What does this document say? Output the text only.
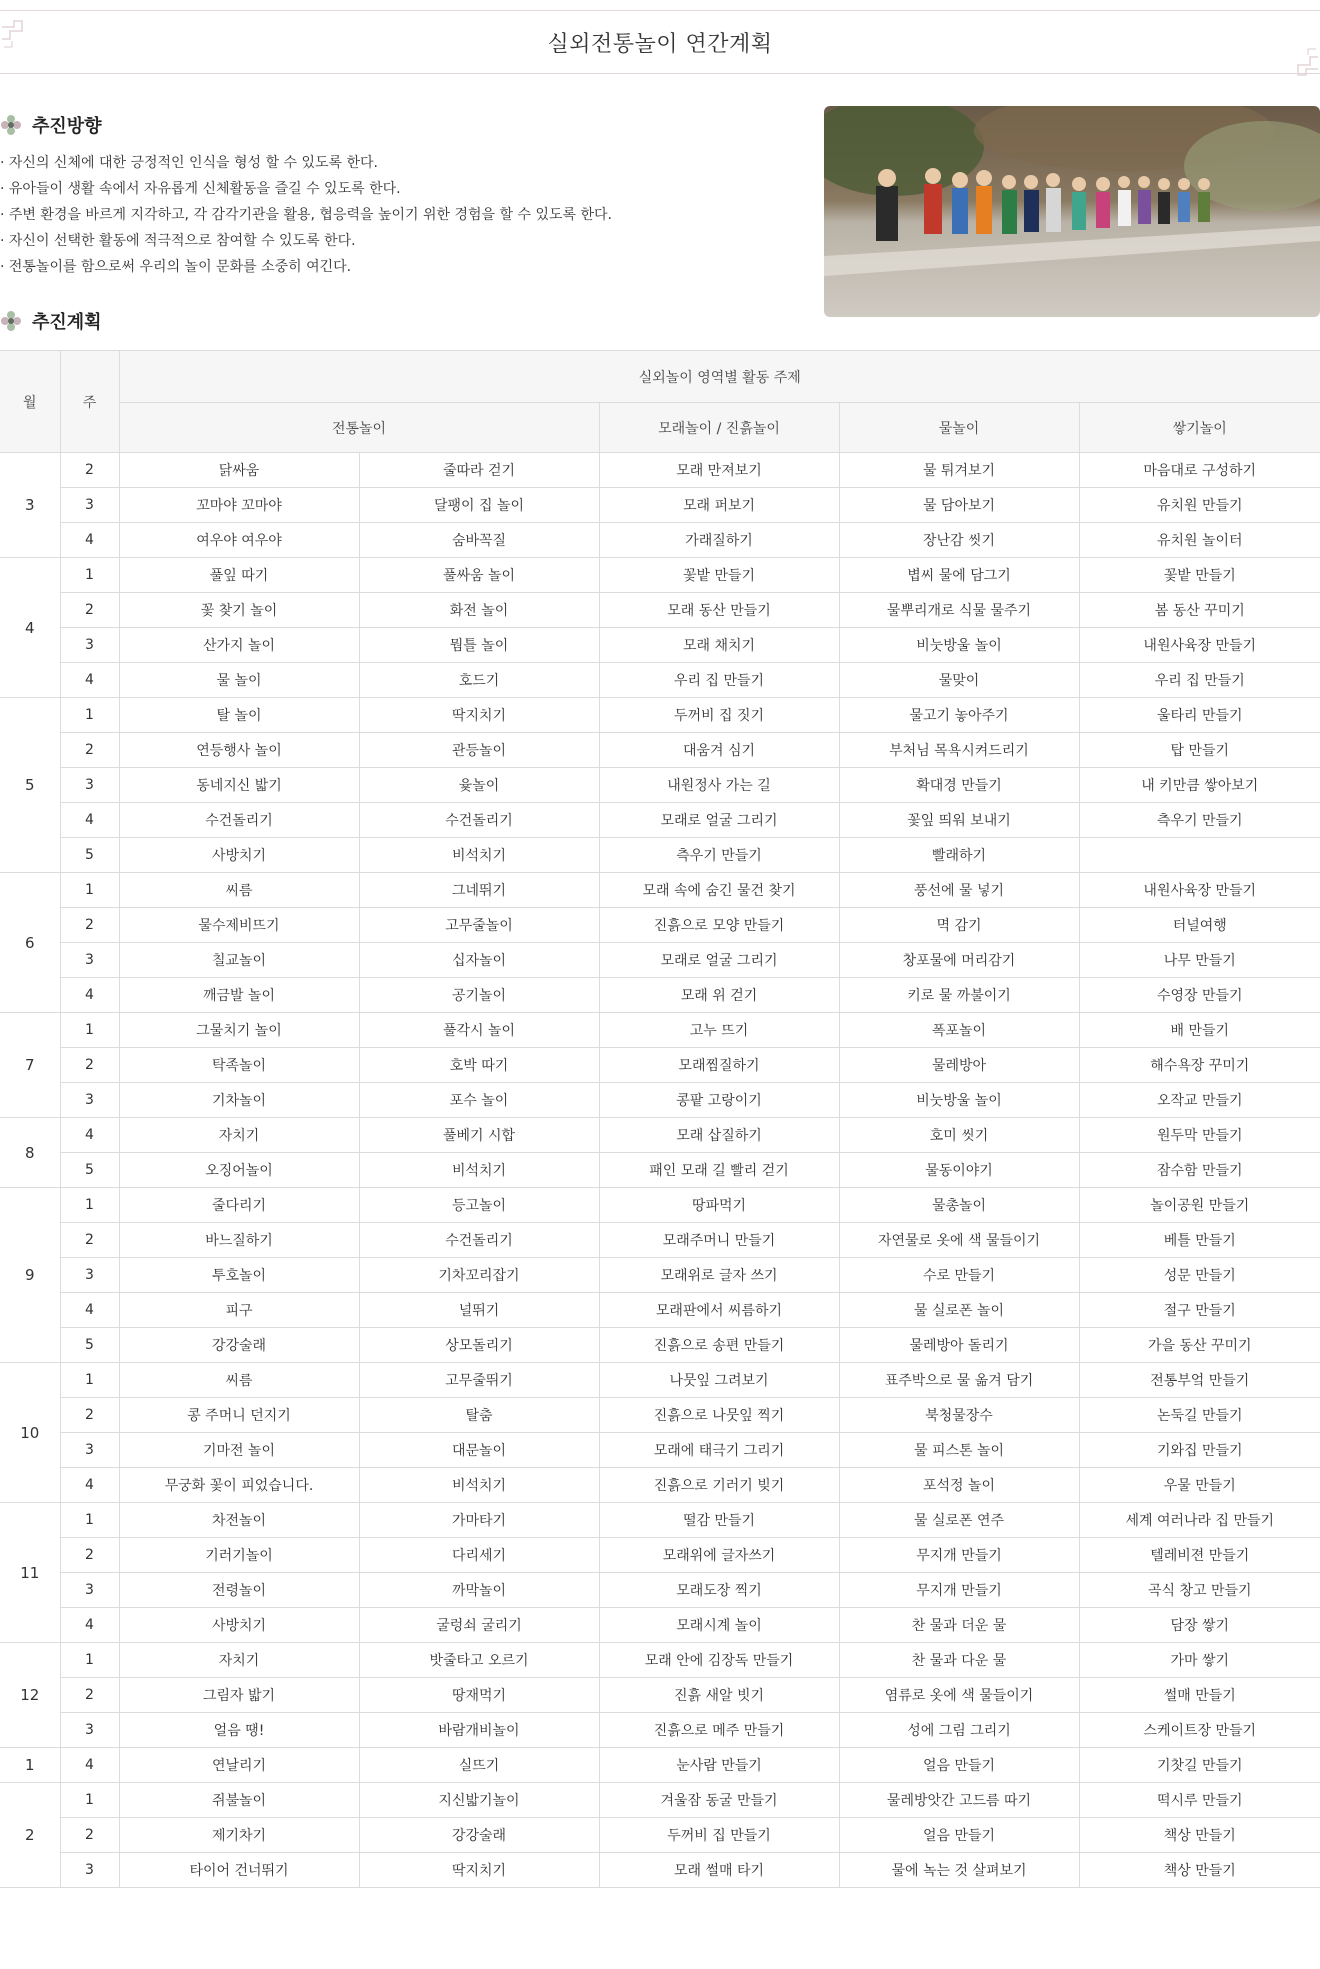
실외전통놀이 연간계획
추진방향
· 자신의 신체에 대한 긍정적인 인식을 형성 할 수 있도록 한다.
· 유아들이 생활 속에서 자유롭게 신체활동을 즐길 수 있도록 한다.
· 주변 환경을 바르게 지각하고, 각 감각기관을 활용, 협응력을 높이기 위한 경험을 할 수 있도록 한다.
· 자신이 선택한 활동에 적극적으로 참여할 수 있도록 한다.
· 전통놀이를 함으로써 우리의 놀이 문화를 소중히 여긴다.
추진계획
월	주	실외놀이 영역별 활동 주제				
		전통놀이		모래놀이 / 진흙놀이	물놀이	쌓기놀이
3	2	닭싸움	줄따라 걷기	모래 만져보기	물 튀겨보기	마음대로 구성하기
	3	꼬마야 꼬마야	달팽이 집 놀이	모래 퍼보기	물 담아보기	유치원 만들기
	4	여우야 여우야	숨바꼭질	가래질하기	장난감 씻기	유치원 놀이터
4	1	풀잎 따기	풀싸움 놀이	꽃밭 만들기	볍씨 물에 담그기	꽃밭 만들기
	2	꽃 찾기 놀이	화전 놀이	모래 동산 만들기	물뿌리개로 식물 물주기	봄 동산 꾸미기
	3	산가지 놀이	뭠틀 놀이	모래 채치기	비눗방울 놀이	내원사육장 만들기
	4	물 놀이	호드기	우리 집 만들기	물맞이	우리 집 만들기
5	1	탈 놀이	딱지치기	두꺼비 집 짓기	물고기 놓아주기	울타리 만들기
	2	연등행사 놀이	관등놀이	대움겨 심기	부처님 목욕시켜드리기	탑 만들기
	3	동네지신 밟기	윷놀이	내원정사 가는 길	확대경 만들기	내 키만큼 쌓아보기
	4	수건돌리기	수건돌리기	모래로 얼굴 그리기	꽃잎 띄워 보내기	측우기 만들기
	5	사방치기	비석치기	측우기 만들기	빨래하기	
6	1	씨름	그네뛰기	모래 속에 숨긴 물건 찾기	풍선에 물 넣기	내원사육장 만들기
	2	물수제비뜨기	고무줄놀이	진흙으로 모양 만들기	멱 감기	터널여행
	3	칠교놀이	십자놀이	모래로 얼굴 그리기	창포물에 머리감기	나무 만들기
	4	깨금발 놀이	공기놀이	모래 위 걷기	키로 물 까불이기	수영장 만들기
7	1	그물치기 놀이	풀각시 놀이	고누 뜨기	폭포놀이	배 만들기
	2	탁족놀이	호박 따기	모래찜질하기	물레방아	해수욕장 꾸미기
	3	기차놀이	포수 놀이	콩팥 고랑이기	비눗방울 놀이	오작교 만들기
8	4	자치기	풀베기 시합	모래 삽질하기	호미 씻기	원두막 만들기
	5	오징어놀이	비석치기	패인 모래 길 빨리 걷기	물동이야기	잠수함 만들기
9	1	줄다리기	등고놀이	땅파먹기	물총놀이	놀이공원 만들기
	2	바느질하기	수건돌리기	모래주머니 만들기	자연물로 옷에 색 물들이기	베틀 만들기
	3	투호놀이	기차꼬리잡기	모래위로 글자 쓰기	수로 만들기	성문 만들기
	4	피구	널뛰기	모래판에서 씨름하기	물 실로폰 놀이	절구 만들기
	5	강강술래	상모돌리기	진흙으로 송편 만들기	물레방아 돌리기	가을 동산 꾸미기
10	1	씨름	고무줄뛰기	나뭇잎 그려보기	표주박으로 물 옮겨 담기	전통부엌 만들기
	2	콩 주머니 던지기	탈춤	진흙으로 나뭇잎 찍기	북청물장수	논둑길 만들기
	3	기마전 놀이	대문놀이	모래에 태극기 그리기	물 피스톤 놀이	기와집 만들기
	4	무궁화 꽃이 피었습니다.	비석치기	진흙으로 기러기 빚기	포석정 놀이	우물 만들기
11	1	차전놀이	가마타기	떨감 만들기	물 실로폰 연주	세계 여러나라 집 만들기
	2	기러기놀이	다리세기	모래위에 글자쓰기	무지개 만들기	텔레비젼 만들기
	3	전령놀이	까막놀이	모래도장 찍기	무지개 만들기	곡식 창고 만들기
	4	사방치기	굴렁쇠 굴리기	모래시계 놀이	찬 물과 더운 물	담장 쌓기
12	1	자치기	밧줄타고 오르기	모래 안에 김장독 만들기	찬 물과 다운 물	가마 쌓기
	2	그림자 밟기	땅재먹기	진흙 새알 빗기	염류로 옷에 색 물들이기	썰매 만들기
	3	얼음 땡!	바람개비놀이	진흙으로 메주 만들기	성에 그림 그리기	스케이트장 만들기
1	4	연날리기	실뜨기	눈사람 만들기	얼음 만들기	기찻길 만들기
2	1	쥐불놀이	지신밟기놀이	겨울잠 동굴 만들기	물레방앗간 고드름 따기	떡시루 만들기
	2	제기차기	강강술래	두꺼비 집 만들기	얼음 만들기	책상 만들기
	3	타이어 건너뛰기	딱지치기	모래 썰매 타기	물에 녹는 것 살펴보기	책상 만들기
